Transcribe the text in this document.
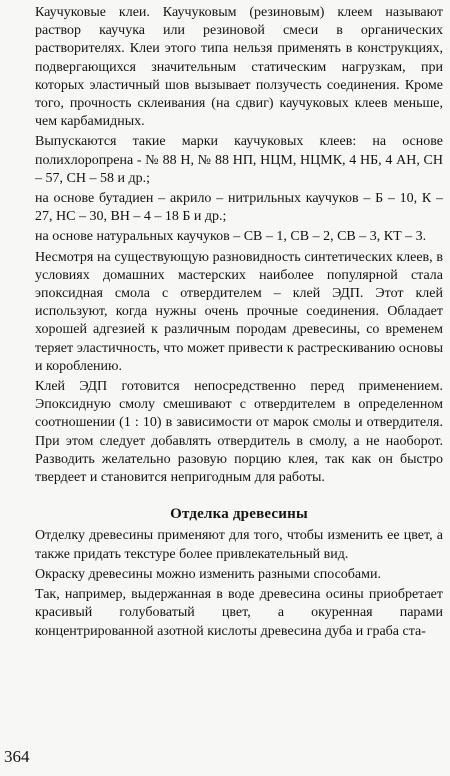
Каучуковые клеи. Каучуковым (резиновым) клеем называют раствор каучука или резиновой смеси в органических растворителях. Клеи этого типа нельзя применять в конструкциях, подвергающихся значительным статическим нагрузкам, при которых эластичный шов вызывает ползучесть соединения. Кроме того, прочность склеивания (на сдвиг) каучуковых клеев меньше, чем карбамидных.

Выпускаются такие марки каучуковых клеев: на основе полихлоропрена - № 88 Н, № 88 НП, НЦМ, НЦМК, 4 НБ, 4 АН, СН – 57, СН – 58 и др.;

на основе бутадиен – акрило – нитрильных каучуков – Б – 10, К – 27, НС – 30, ВН – 4 – 18 Б и др.;

на основе натуральных каучуков – СВ – 1, СВ – 2, СВ – 3, КТ – 3.

Несмотря на существующую разновидность синтетических клеев, в условиях домашних мастерских наиболее популярной стала эпоксидная смола с отвердителем – клей ЭДП. Этот клей используют, когда нужны очень прочные соединения. Обладает хорошей адгезией к различным породам древесины, со временем теряет эластичность, что может привести к растрескиванию основы и короблению.

Клей ЭДП готовится непосредственно перед применением. Эпоксидную смолу смешивают с отвердителем в определенном соотношении (1 : 10) в зависимости от марок смолы и отвердителя. При этом следует добавлять отвердитель в смолу, а не наоборот. Разводить желательно разовую порцию клея, так как он быстро твердеет и становится непригодным для работы.

Отделка древесины

Отделку древесины применяют для того, чтобы изменить ее цвет, а также придать текстуре более привлекательный вид.

Окраску древесины можно изменить разными способами.

Так, например, выдержанная в воде древесина осины приобретает красивый голубоватый цвет, а окуренная парами концентрированной азотной кислоты древесина дуба и граба ста-

364
